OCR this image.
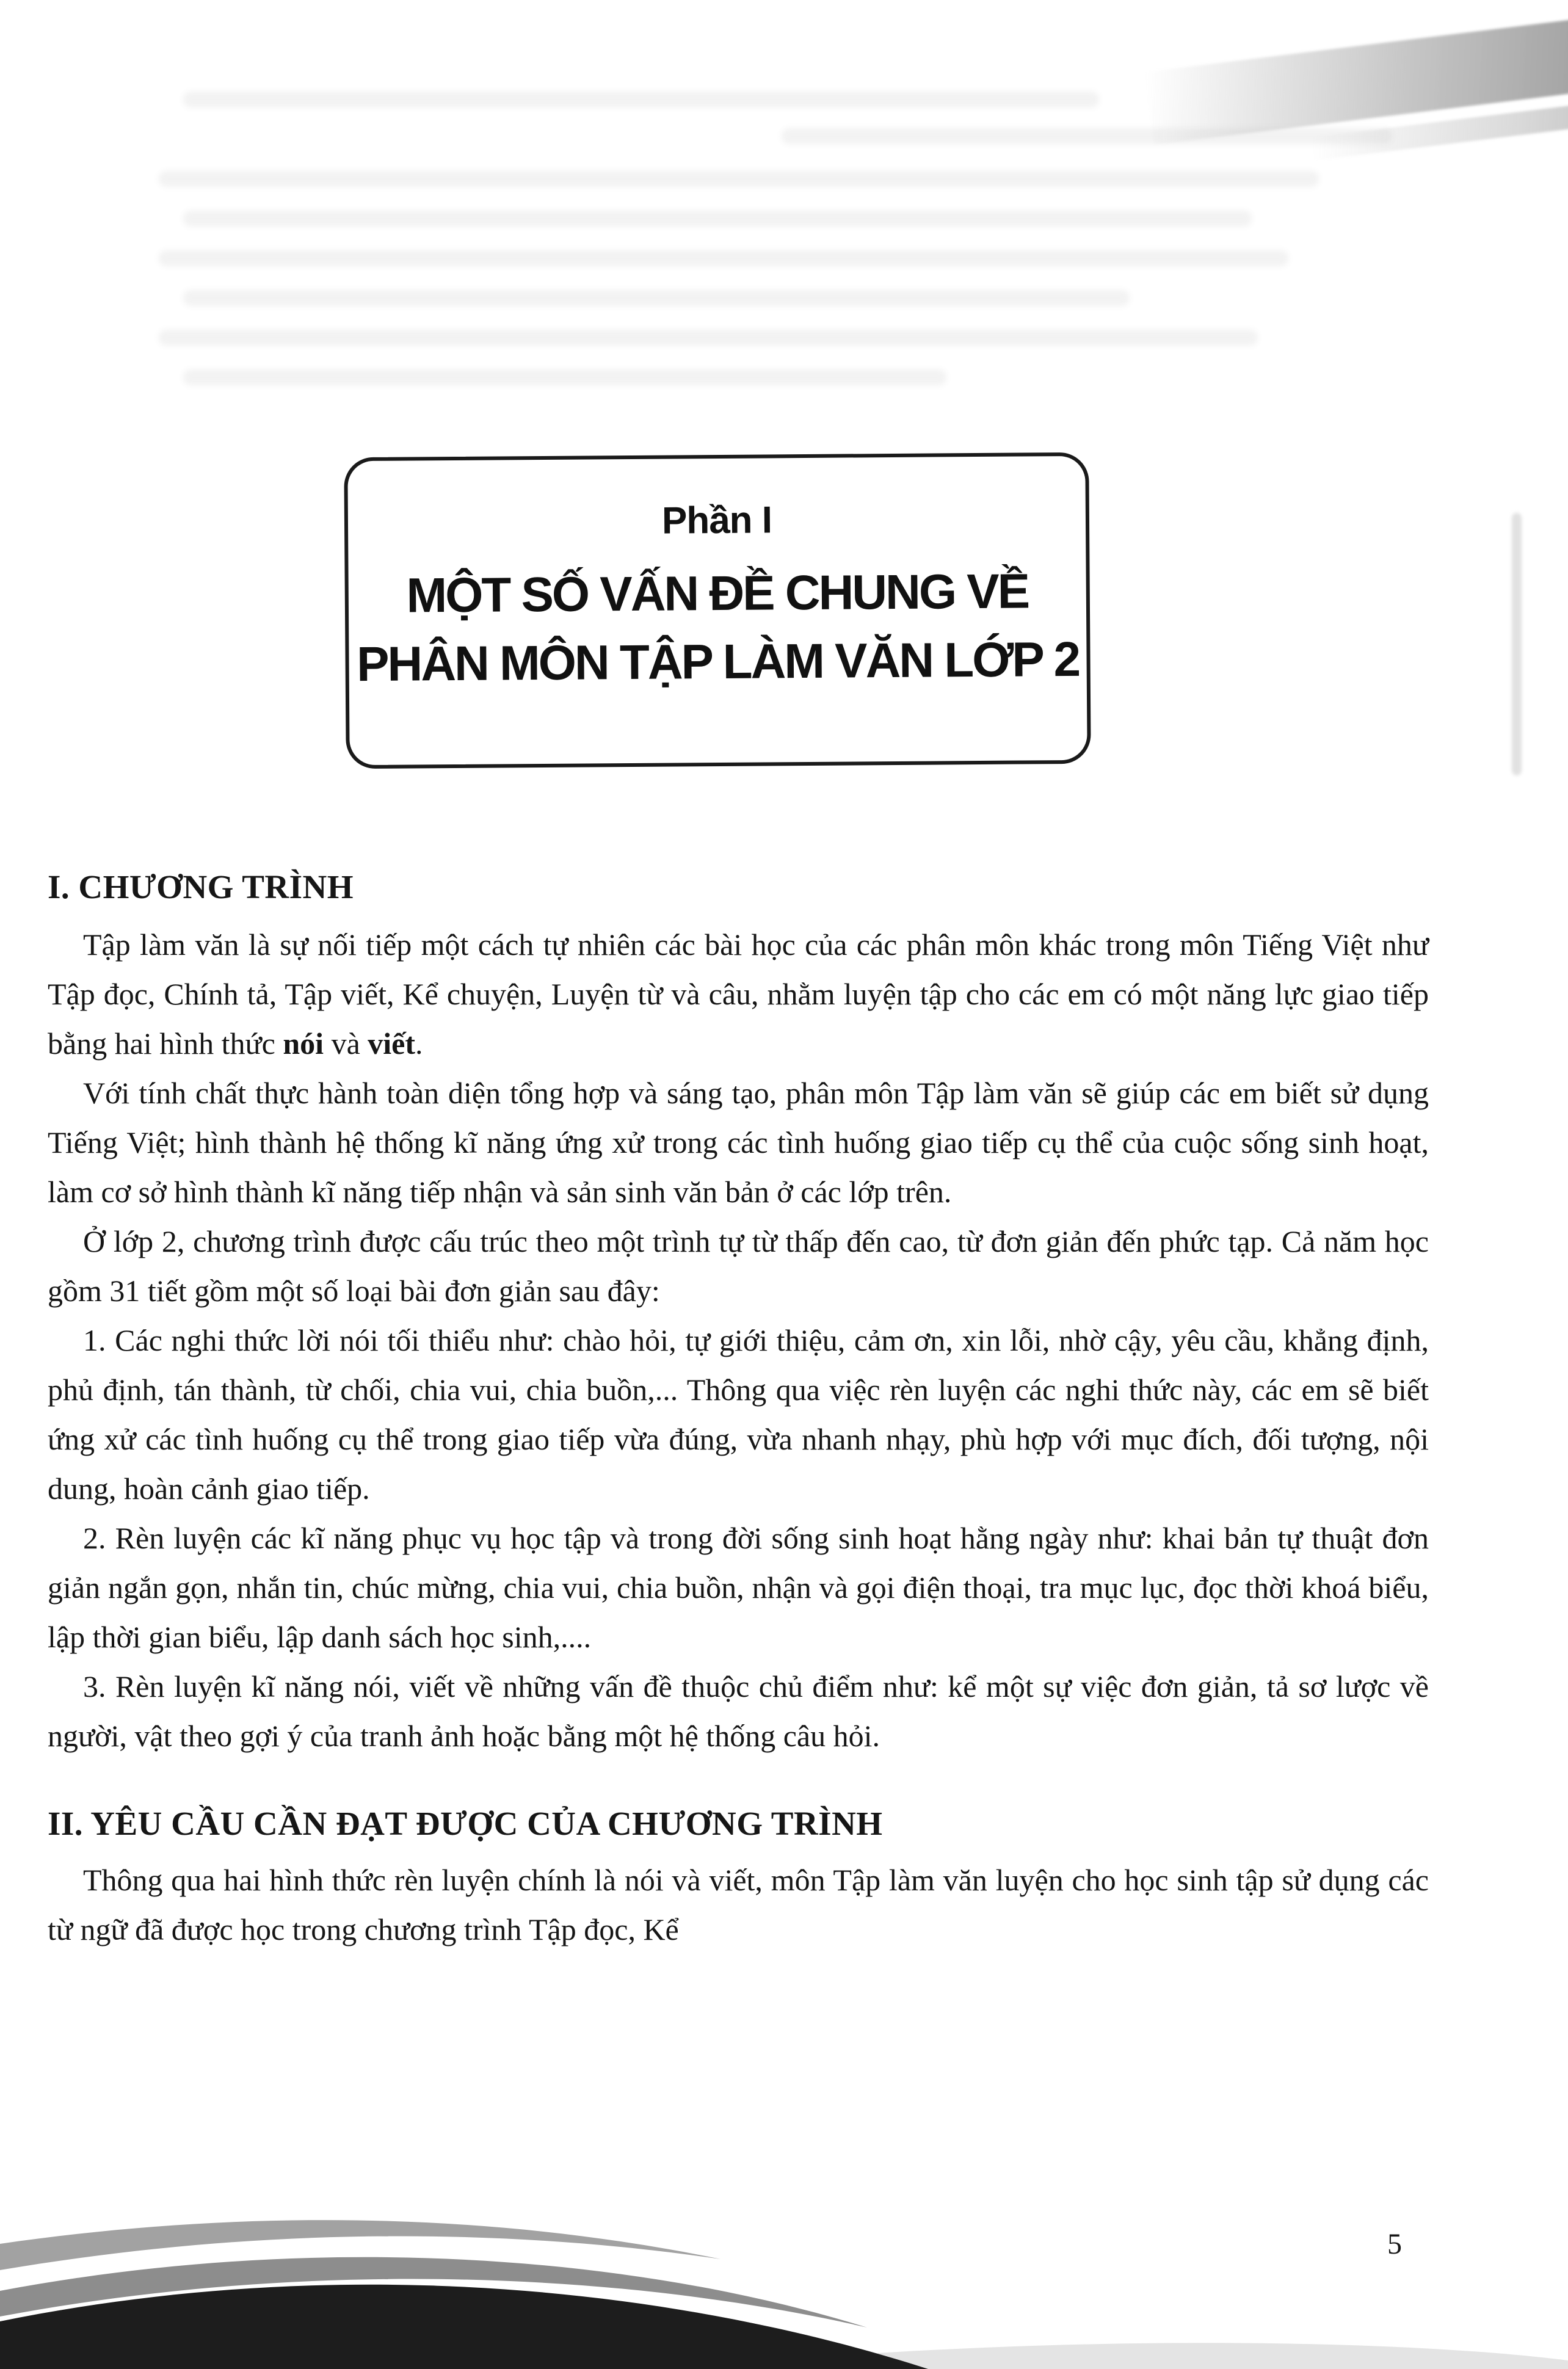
Phần I
MỘT SỐ VẤN ĐỀ CHUNG VỀ
PHÂN MÔN TẬP LÀM VĂN LỚP 2
I. CHƯƠNG TRÌNH

Tập làm văn là sự nối tiếp một cách tự nhiên các bài học của các phân môn khác trong môn Tiếng Việt như Tập đọc, Chính tả, Tập viết, Kể chuyện, Luyện từ và câu, nhằm luyện tập cho các em có một năng lực giao tiếp bằng hai hình thức nói và viết.

Với tính chất thực hành toàn diện tổng hợp và sáng tạo, phân môn Tập làm văn sẽ giúp các em biết sử dụng Tiếng Việt; hình thành hệ thống kĩ năng ứng xử trong các tình huống giao tiếp cụ thể của cuộc sống sinh hoạt, làm cơ sở hình thành kĩ năng tiếp nhận và sản sinh văn bản ở các lớp trên.

Ở lớp 2, chương trình được cấu trúc theo một trình tự từ thấp đến cao, từ đơn giản đến phức tạp. Cả năm học gồm 31 tiết gồm một số loại bài đơn giản sau đây:

1. Các nghi thức lời nói tối thiểu như: chào hỏi, tự giới thiệu, cảm ơn, xin lỗi, nhờ cậy, yêu cầu, khẳng định, phủ định, tán thành, từ chối, chia vui, chia buồn,... Thông qua việc rèn luyện các nghi thức này, các em sẽ biết ứng xử các tình huống cụ thể trong giao tiếp vừa đúng, vừa nhanh nhạy, phù hợp với mục đích, đối tượng, nội dung, hoàn cảnh giao tiếp.

2. Rèn luyện các kĩ năng phục vụ học tập và trong đời sống sinh hoạt hằng ngày như: khai bản tự thuật đơn giản ngắn gọn, nhắn tin, chúc mừng, chia vui, chia buồn, nhận và gọi điện thoại, tra mục lục, đọc thời khoá biểu, lập thời gian biểu, lập danh sách học sinh,....

3. Rèn luyện kĩ năng nói, viết về những vấn đề thuộc chủ điểm như: kể một sự việc đơn giản, tả sơ lược về người, vật theo gợi ý của tranh ảnh hoặc bằng một hệ thống câu hỏi.

II. YÊU CẦU CẦN ĐẠT ĐƯỢC CỦA CHƯƠNG TRÌNH

Thông qua hai hình thức rèn luyện chính là nói và viết, môn Tập làm văn luyện cho học sinh tập sử dụng các từ ngữ đã được học trong chương trình Tập đọc, Kể

5
